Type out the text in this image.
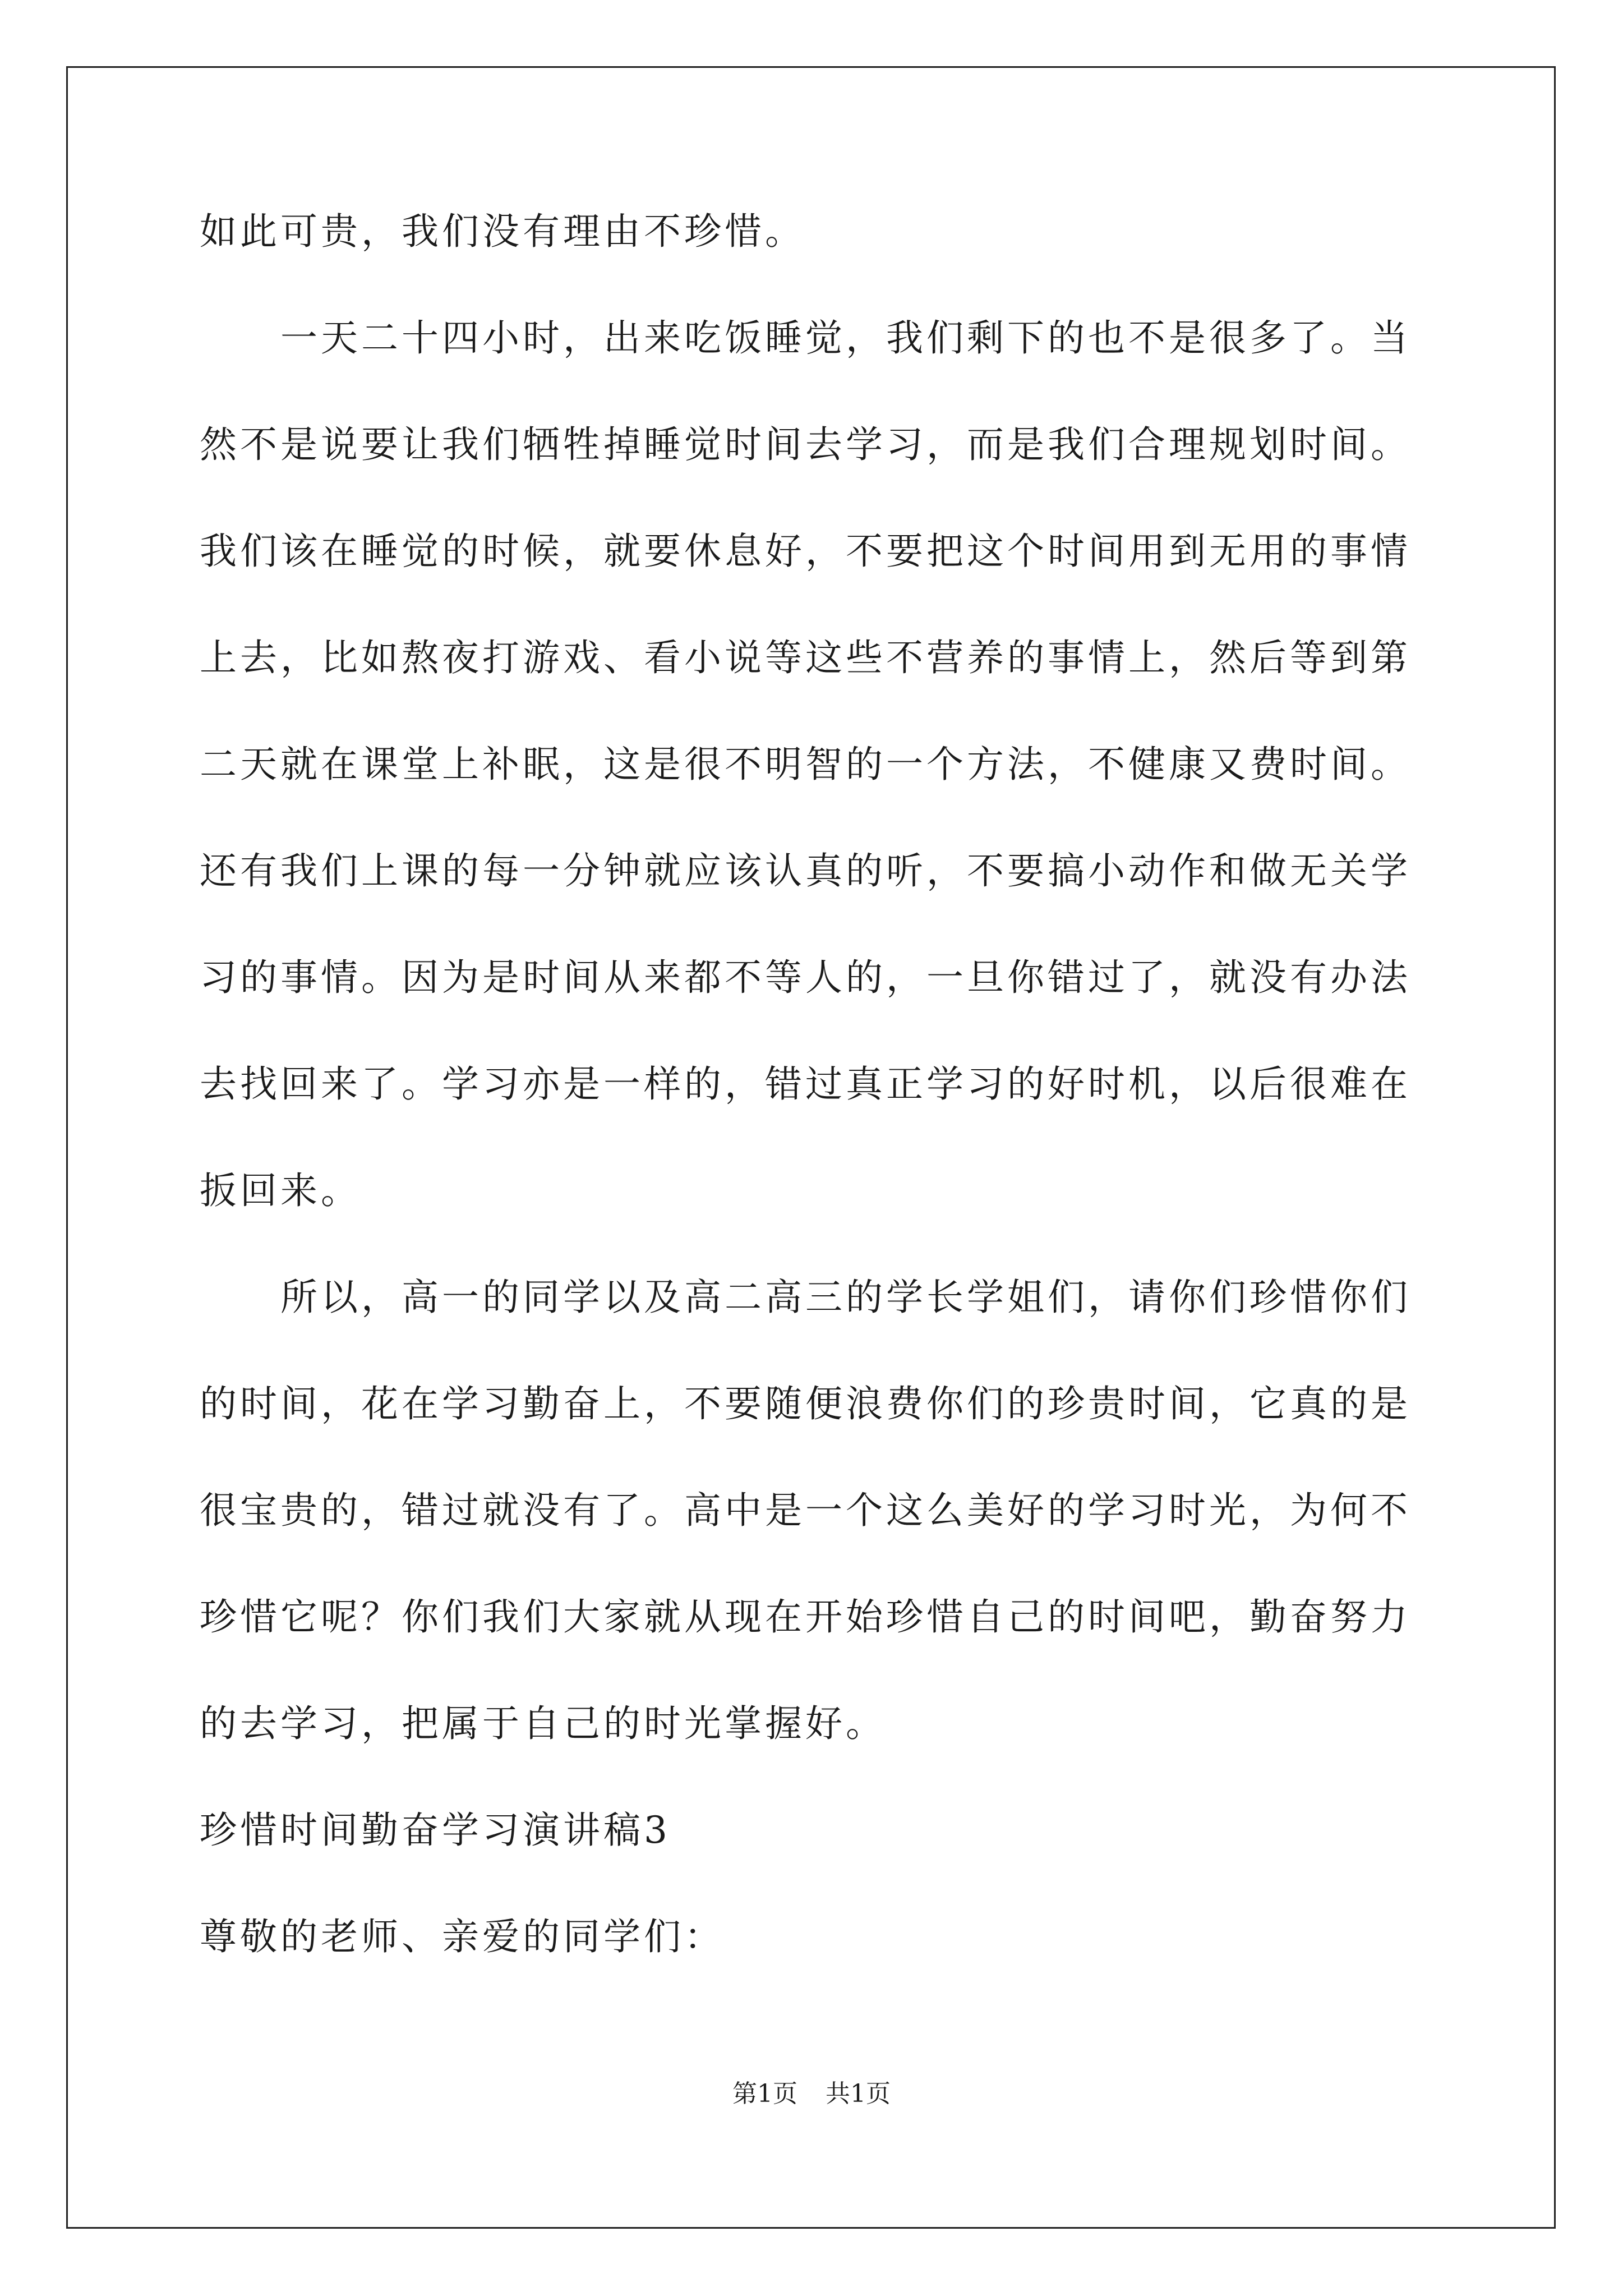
如此可贵，我们没有理由不珍惜。
一天二十四小时，出来吃饭睡觉，我们剩下的也不是很多了。当
然不是说要让我们牺牲掉睡觉时间去学习，而是我们合理规划时间。
我们该在睡觉的时候，就要休息好，不要把这个时间用到无用的事情
上去，比如熬夜打游戏、看小说等这些不营养的事情上，然后等到第
二天就在课堂上补眠，这是很不明智的一个方法，不健康又费时间。
还有我们上课的每一分钟就应该认真的听，不要搞小动作和做无关学
习的事情。因为是时间从来都不等人的，一旦你错过了，就没有办法
去找回来了。学习亦是一样的，错过真正学习的好时机，以后很难在
扳回来。
所以，高一的同学以及高二高三的学长学姐们，请你们珍惜你们
的时间，花在学习勤奋上，不要随便浪费你们的珍贵时间，它真的是
很宝贵的，错过就没有了。高中是一个这么美好的学习时光，为何不
珍惜它呢？你们我们大家就从现在开始珍惜自己的时间吧，勤奋努力
的去学习，把属于自己的时光掌握好。
珍惜时间勤奋学习演讲稿3
尊敬的老师、亲爱的同学们：
第1页 共1页
